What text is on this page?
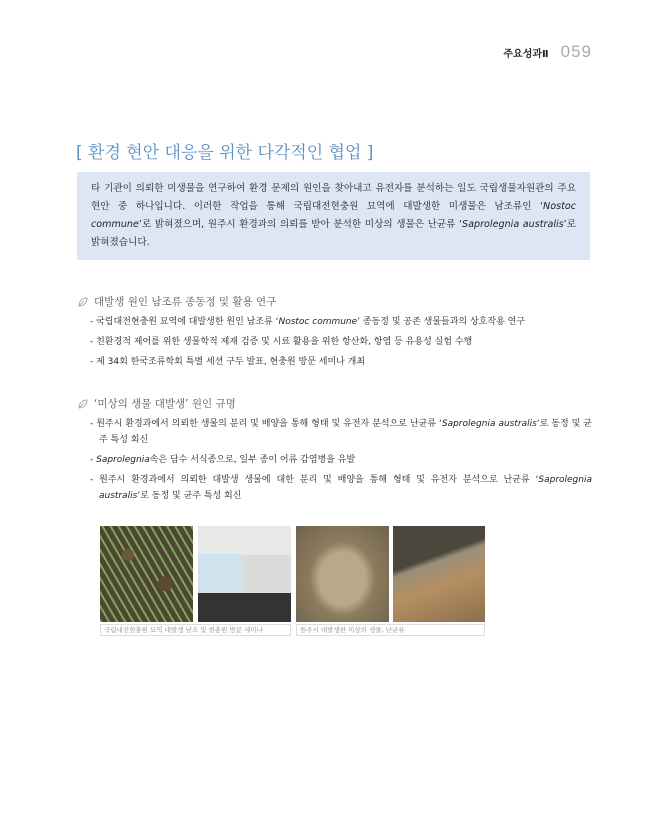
주요성과Ⅱ 059
[ 환경 현안 대응을 위한 다각적인 협업 ]
타 기관이 의뢰한 미생물을 연구하여 환경 문제의 원인을 찾아내고 유전자를 분석하는 일도 국립생물자원관의 주요 현안 중 하나입니다. 이러한 작업을 통해 국립대전현충원 묘역에 대발생한 미생물은 남조류인 ‘Nostoc commune’로 밝혀졌으며, 원주시 환경과의 의뢰를 받아 분석한 미상의 생물은 난균류 ‘Saprolegnia australis’로 밝혀졌습니다.
대발생 원인 남조류 종동정 및 활용 연구
- 국립대전현충원 묘역에 대발생한 원인 남조류 ‘Nostoc commune’ 종동정 및 공존 생물들과의 상호작용 연구
- 친환경적 제어를 위한 생물학적 제재 검증 및 시료 활용을 위한 항산화, 항염 등 유용성 실험 수행
- 제 34회 한국조류학회 특별 세션 구두 발표, 현충원 방문 세미나 개최
‘미상의 생물 대발생’ 원인 규명
- 원주시 환경과에서 의뢰한 생물의 분리 및 배양을 통해 형태 및 유전자 분석으로 난균류 ‘Saprolegnia australis’로 동정 및 균주 특성 회신
- Saprolegnia속은 담수 서식종으로, 일부 종이 어류 감염병을 유발
- 원주시 환경과에서 의뢰한 대발생 생물에 대한 분리 및 배양을 통해 형태 및 유전자 분석으로 난균류 ‘Saprolegnia australis’로 동정 및 균주 특성 회신
국립대전현충원 묘역 대발생 남조 및 현충원 방문 세미나	원주시 대발생한 미상의 생물, 난균류
